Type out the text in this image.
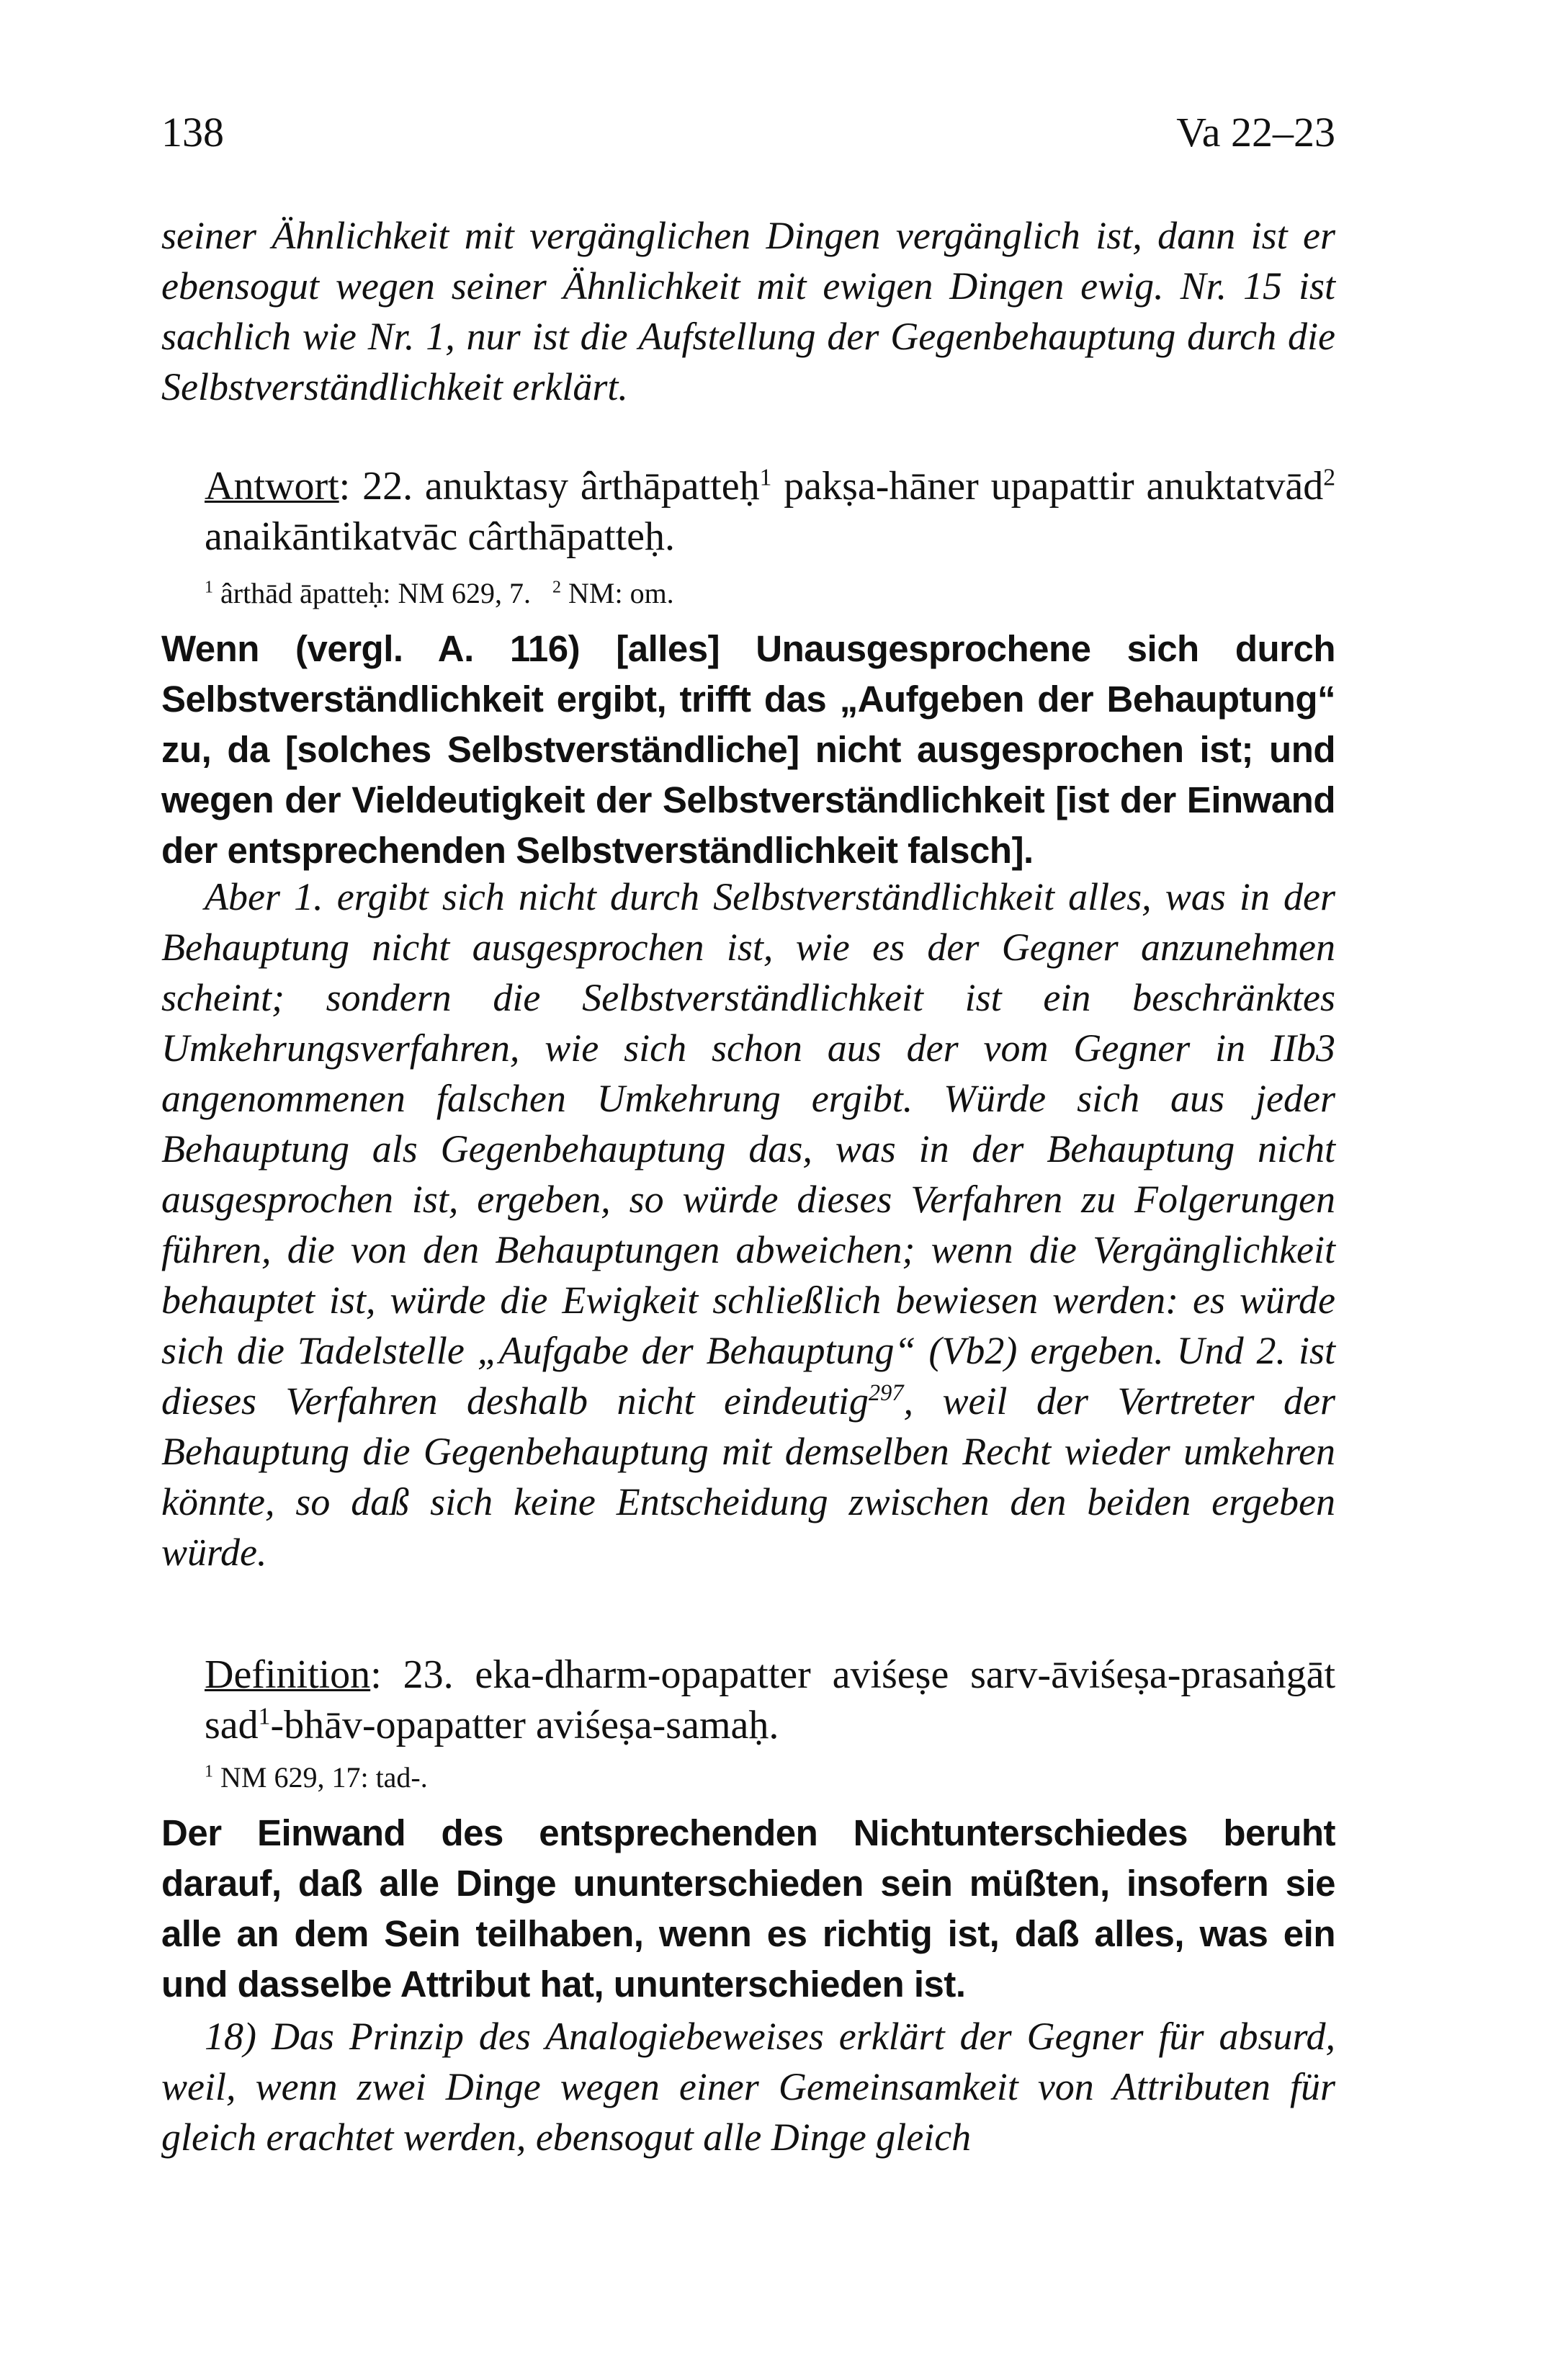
138	Va 22–23

seiner Ähnlichkeit mit vergänglichen Dingen vergänglich ist, dann ist er ebensogut wegen seiner Ähnlichkeit mit ewigen Dingen ewig. Nr. 15 ist sachlich wie Nr. 1, nur ist die Aufstellung der Gegenbehauptung durch die Selbstverständlichkeit erklärt.

Antwort: 22. anuktasy ârthāpatteḥ$^1$ pakṣa-hāner upapattir anuktatvād$^2$ anaikāntikatvāc cârthāpatteḥ.

$^1$ ârthād āpatteḥ: NM 629, 7. $^2$ NM: om.

Wenn (vergl. A. 116) [alles] Unausgesprochene sich durch Selbstverständlichkeit ergibt, trifft das „Aufgeben der Behauptung“ zu, da [solches Selbstverständliche] nicht ausgesprochen ist; und wegen der Vieldeutigkeit der Selbstverständlichkeit [ist der Einwand der entsprechenden Selbstverständlichkeit falsch].

Aber 1. ergibt sich nicht durch Selbstverständlichkeit alles, was in der Behauptung nicht ausgesprochen ist, wie es der Gegner anzunehmen scheint; sondern die Selbstverständlichkeit ist ein beschränktes Umkehrungsverfahren, wie sich schon aus der vom Gegner in IIb3 angenommenen falschen Umkehrung ergibt. Würde sich aus jeder Behauptung als Gegenbehauptung das, was in der Behauptung nicht ausgesprochen ist, ergeben, so würde dieses Verfahren zu Folgerungen führen, die von den Behauptungen abweichen; wenn die Vergänglichkeit behauptet ist, würde die Ewigkeit schließlich bewiesen werden: es würde sich die Tadelstelle „Aufgabe der Behauptung“ (Vb2) ergeben. Und 2. ist dieses Verfahren deshalb nicht eindeutig$^{297}$, weil der Vertreter der Behauptung die Gegenbehauptung mit demselben Recht wieder umkehren könnte, so daß sich keine Entscheidung zwischen den beiden ergeben würde.

Definition: 23. eka-dharm-opapatter aviśeṣe sarv-āviśeṣa-prasaṅgāt sad$^1$-bhāv-opapatter aviśeṣa-samaḥ.

$^1$ NM 629, 17: tad-.

Der Einwand des entsprechenden Nichtunterschiedes beruht darauf, daß alle Dinge ununterschieden sein müßten, insofern sie alle an dem Sein teilhaben, wenn es richtig ist, daß alles, was ein und dasselbe Attribut hat, ununterschieden ist.

18) Das Prinzip des Analogiebeweises erklärt der Gegner für absurd, weil, wenn zwei Dinge wegen einer Gemeinsamkeit von Attributen für gleich erachtet werden, ebensogut alle Dinge gleich
